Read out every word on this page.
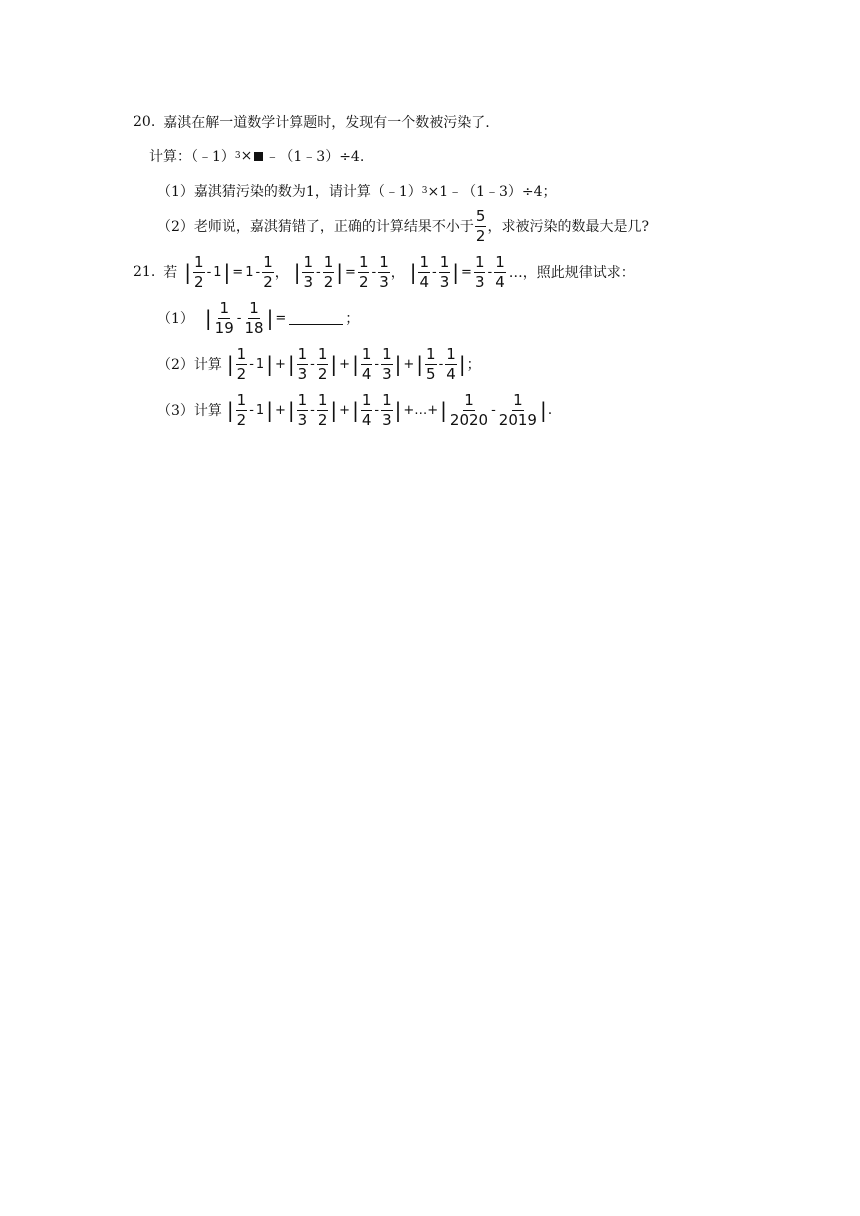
20. 嘉淇在解一道数学计算题时，发现有一个数被污染了.
计算：（﹣1） 3 × ﹣（1﹣3）÷4.
（1）嘉淇猜污染的数为1，请计算（﹣1） 3 ×1﹣（1﹣3）÷4；
（2）老师说，嘉淇猜错了，正确的计算结果不小于 $\frac{5}{2}$ ，求被污染的数最大是几?
21. 若 | $\frac{1}{2} - 1$ | = $1 - \frac{1}{2}$ ， | $\frac{1}{3} - \frac{1}{2}$ | = $\frac{1}{2} - \frac{1}{3}$ ， | $\frac{1}{4} - \frac{1}{3}$ | = $\frac{1}{3} - \frac{1}{4}$ …，照此规律试求：
（1） | $\frac{1}{19} - \frac{1}{18}$ | =	；
（2）计算 | $\frac{1}{2} - 1$ | + | $\frac{1}{3} - \frac{1}{2}$ | + | $\frac{1}{4} - \frac{1}{3}$ | + | $\frac{1}{5} - \frac{1}{4}$ | ；
（3）计算 | $\frac{1}{2} - 1$ | + | $\frac{1}{3} - \frac{1}{2}$ | + | $\frac{1}{4} - \frac{1}{3}$ | +…+ | $\frac{1}{2020} - \frac{1}{2019}$ | .
